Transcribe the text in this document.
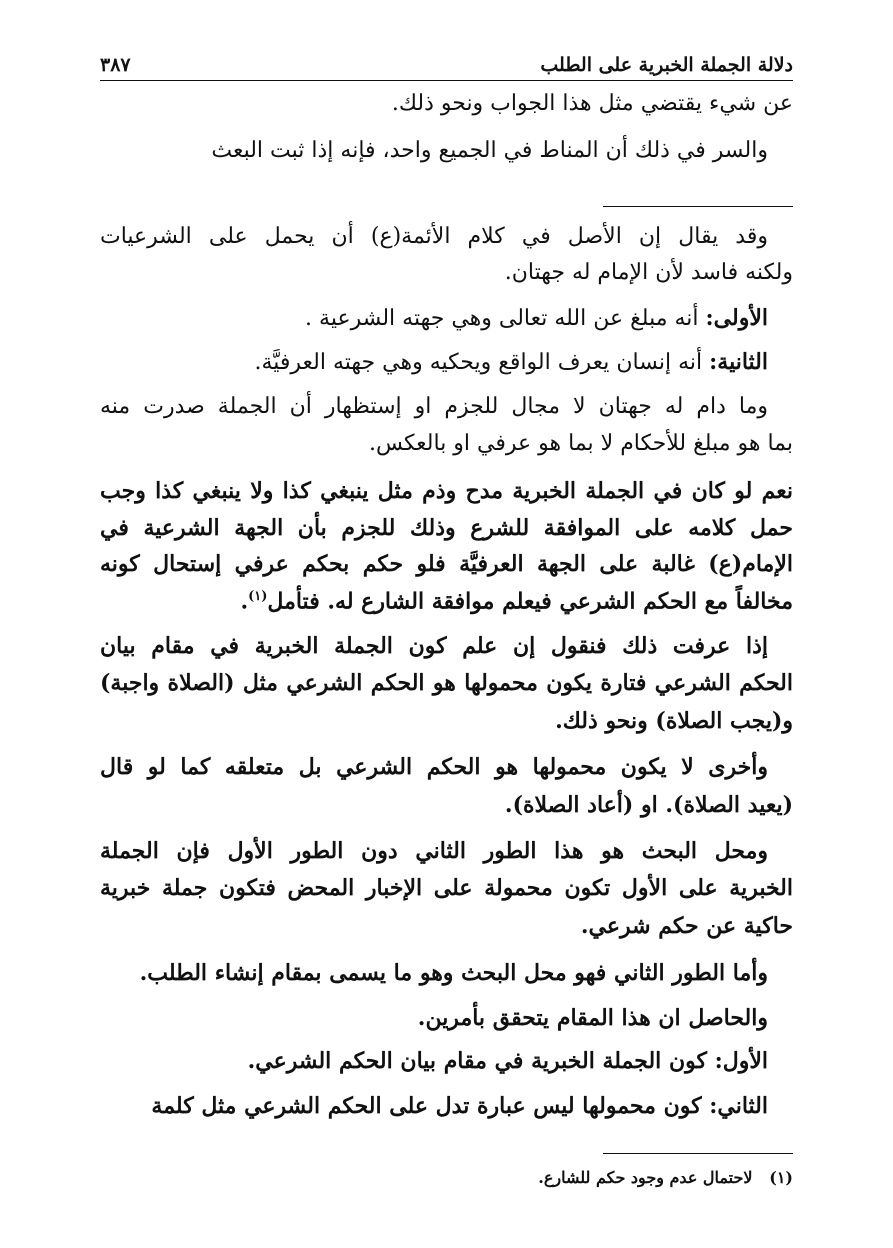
دلالة الجملة الخبرية على الطلب
٣٨٧
عن شيء يقتضي مثل هذا الجواب ونحو ذلك.
والسر في ذلك أن المناط في الجميع واحد، فإنه إذا ثبت البعث
وقد يقال إن الأصل في كلام الأئمة(ع) أن يحمل على الشرعيات
ولكنه فاسد لأن الإمام له جهتان.
الأولى: أنه مبلغ عن الله تعالى وهي جهته الشرعية .
الثانية: أنه إنسان يعرف الواقع ويحكيه وهي جهته العرفيَّة.
وما دام له جهتان لا مجال للجزم او إستظهار أن الجملة صدرت منه
بما هو مبلغ للأحكام لا بما هو عرفي او بالعكس.
نعم لو كان في الجملة الخبرية مدح وذم مثل ينبغي كذا ولا ينبغي كذا وجب
حمل كلامه على الموافقة للشرع وذلك للجزم بأن الجهة الشرعية في
الإمام(ع) غالبة على الجهة العرفيَّة فلو حكم بحكم عرفي إستحال كونه
مخالفاً مع الحكم الشرعي فيعلم موافقة الشارع له. فتأمل$^{(١)}$.
إذا عرفت ذلك فنقول إن علم كون الجملة الخبرية في مقام بيان
الحكم الشرعي فتارة يكون محمولها هو الحكم الشرعي مثل (الصلاة واجبة)
و(يجب الصلاة) ونحو ذلك.
وأخرى لا يكون محمولها هو الحكم الشرعي بل متعلقه كما لو قال
(يعيد الصلاة). او (أعاد الصلاة).
ومحل البحث هو هذا الطور الثاني دون الطور الأول فإن الجملة
الخبرية على الأول تكون محمولة على الإخبار المحض فتكون جملة خبرية
حاكية عن حكم شرعي.
وأما الطور الثاني فهو محل البحث وهو ما يسمى بمقام إنشاء الطلب.
والحاصل ان هذا المقام يتحقق بأمرين.
الأول: كون الجملة الخبرية في مقام بيان الحكم الشرعي.
الثاني: كون محمولها ليس عبارة تدل على الحكم الشرعي مثل كلمة
(١)   لاحتمال عدم وجود حكم للشارع.
